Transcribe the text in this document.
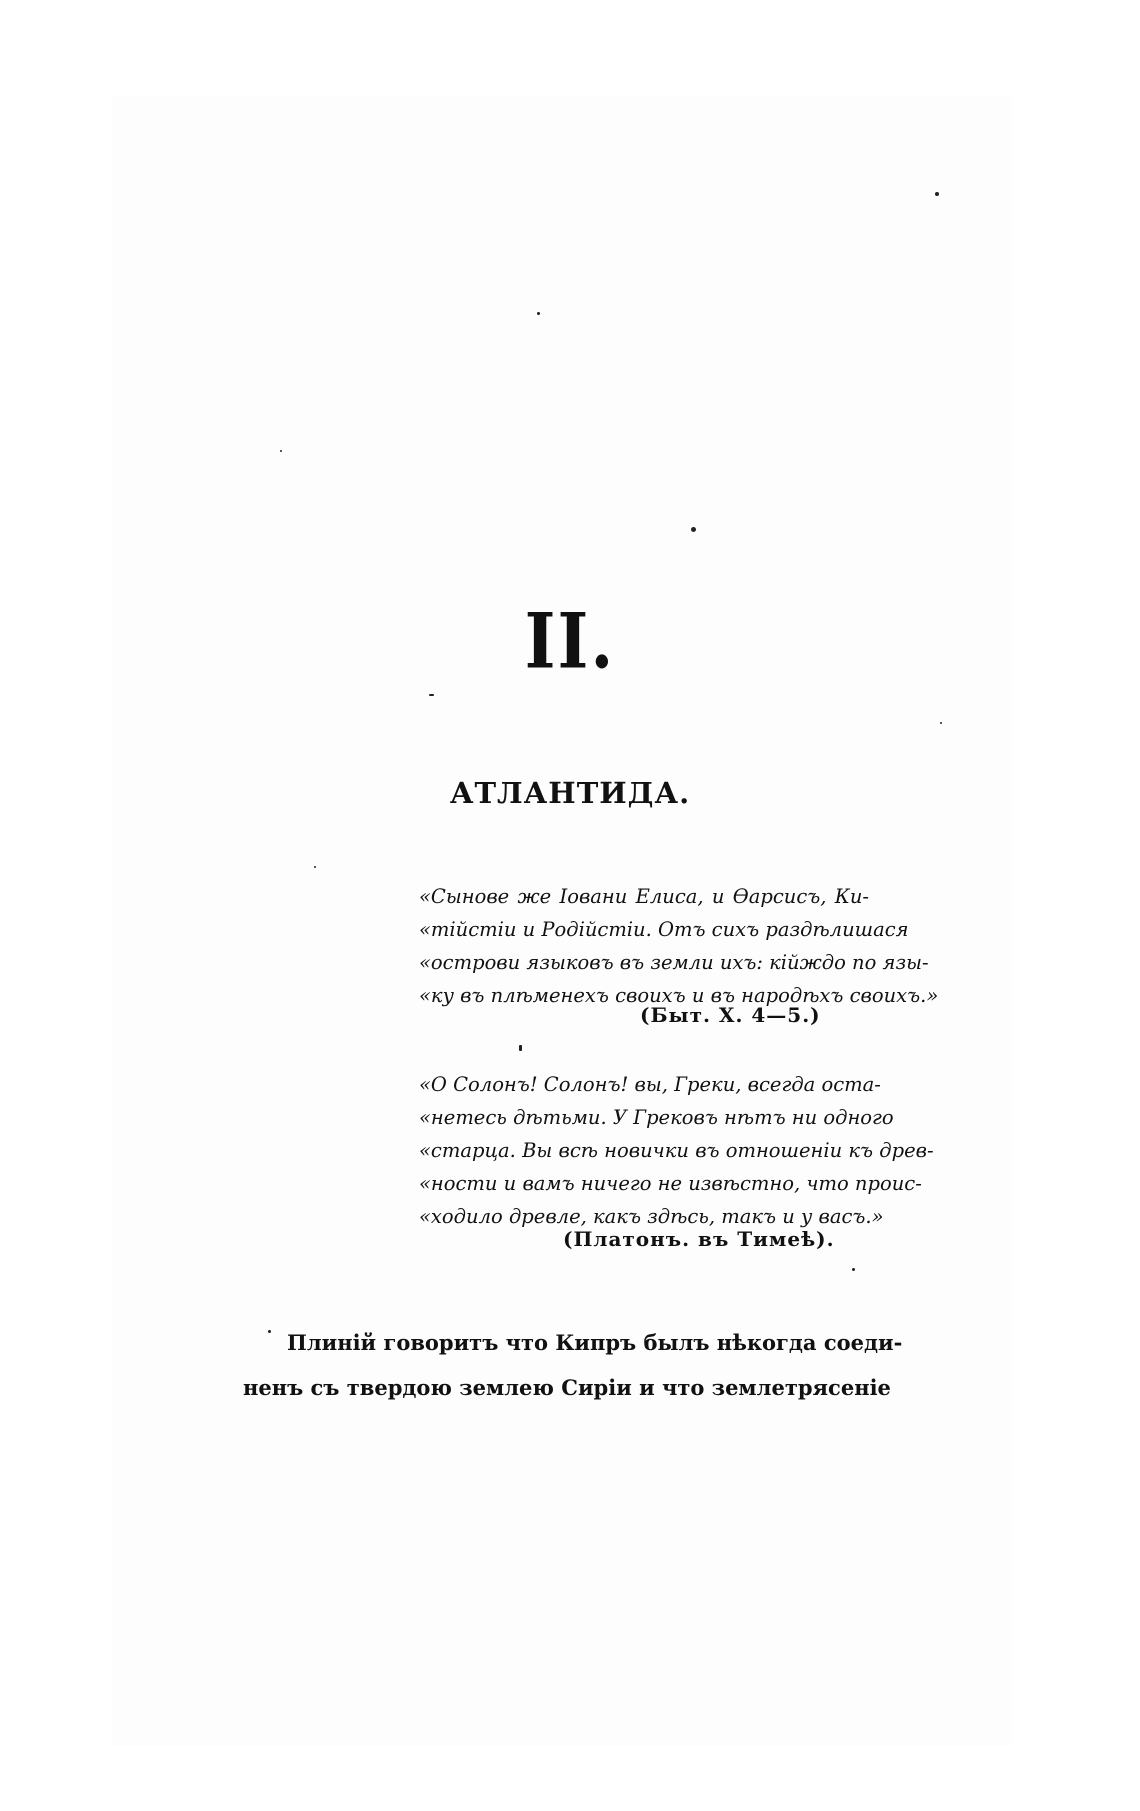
II.
АТЛАНТИДА.
«Сынове же Іовани Елиса, и Ѳарсисъ, Ки-
«тійстіи и Родійстіи. Отъ сихъ раздѣлишася
«острови языковъ въ земли ихъ: кійждо по язы-
«ку въ плѣменехъ своихъ и въ народѣхъ своихъ.»
(Быт. X. 4—5.)
«О Солонъ! Солонъ! вы, Греки, всегда оста-
«нетесь дѣтьми. У Грековъ нѣтъ ни одного
«старца. Вы всѣ новички въ отношеніи къ древ-
«ности и вамъ ничего не извѣстно, что проис-
«ходило древле, какъ здѣсь, такъ и у васъ.»
(Платонъ. въ Тимеѣ).
Плиній говоритъ что Кипръ былъ нѣкогда соеди-
ненъ съ твердою землею Сиріи и что землетрясеніе
